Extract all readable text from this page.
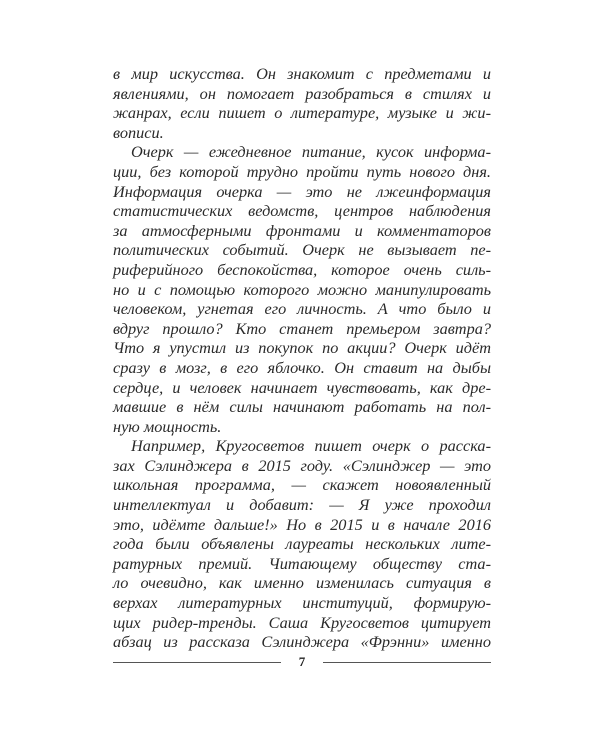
в мир искусства. Он знакомит с предметами и
явлениями, он помогает разобраться в стилях и
жанрах, если пишет о литературе, музыке и жи-
вописи.
Очерк — ежедневное питание, кусок информа-
ции, без которой трудно пройти путь нового дня.
Информация очерка — это не лжеинформация
статистических ведомств, центров наблюдения
за атмосферными фронтами и комментаторов
политических событий. Очерк не вызывает пе-
риферийного беспокойства, которое очень силь-
но и с помощью которого можно манипулировать
человеком, угнетая его личность. А что было и
вдруг прошло? Кто станет премьером завтра?
Что я упустил из покупок по акции? Очерк идёт
сразу в мозг, в его яблочко. Он ставит на дыбы
сердце, и человек начинает чувствовать, как дре-
мавшие в нём силы начинают работать на пол-
ную мощность.
Например, Кругосветов пишет очерк о расска-
зах Сэлинджера в 2015 году. «Сэлинджер — это
школьная программа, — скажет новоявленный
интеллектуал и добавит: — Я уже проходил
это, идёмте дальше!» Но в 2015 и в начале 2016
года были объявлены лауреаты нескольких лите-
ратурных премий. Читающему обществу ста-
ло очевидно, как именно изменилась ситуация в
верхах литературных институций, формирую-
щих ридер-тренды. Саша Кругосветов цитирует
абзац из рассказа Сэлинджера «Фрэнни» именно
7
